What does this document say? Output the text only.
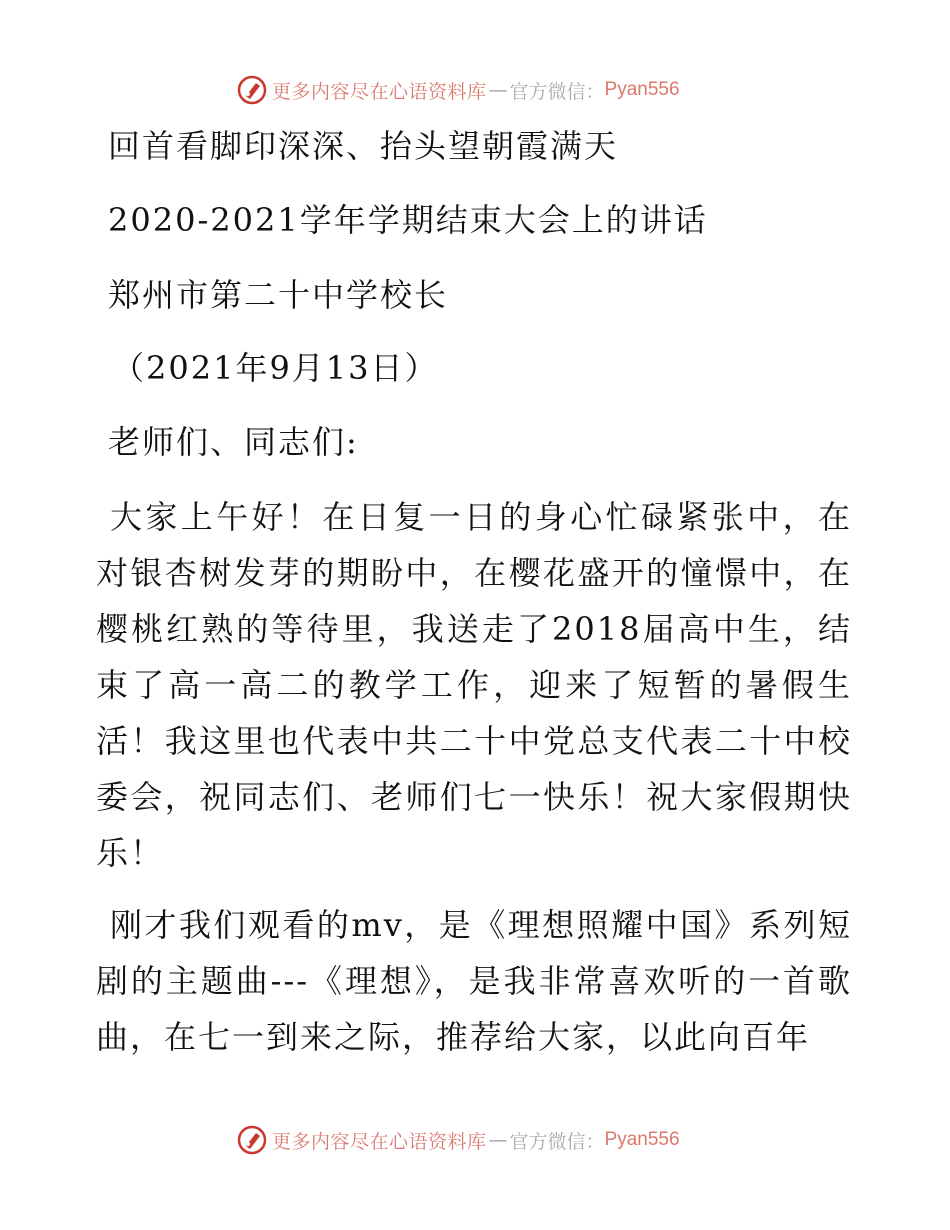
更多内容尽在心语资料库 — 官方微信： Pyan556
回首看脚印深深、抬头望朝霞满天
2020-2021学年学期结束大会上的讲话
郑州市第二十中学校长
（2021年9月13日）
老师们、同志们:
大家上午好！在日复一日的身心忙碌紧张中，在对银杏树发芽的期盼中，在樱花盛开的憧憬中，在樱桃红熟的等待里，我送走了2018届高中生，结束了高一高二的教学工作，迎来了短暂的暑假生活！我这里也代表中共二十中党总支代表二十中校委会，祝同志们、老师们七一快乐！祝大家假期快乐！
刚才我们观看的mv，是《理想照耀中国》系列短剧的主题曲---《理想》，是我非常喜欢听的一首歌曲，在七一到来之际，推荐给大家，以此向百年
更多内容尽在心语资料库 — 官方微信： Pyan556
